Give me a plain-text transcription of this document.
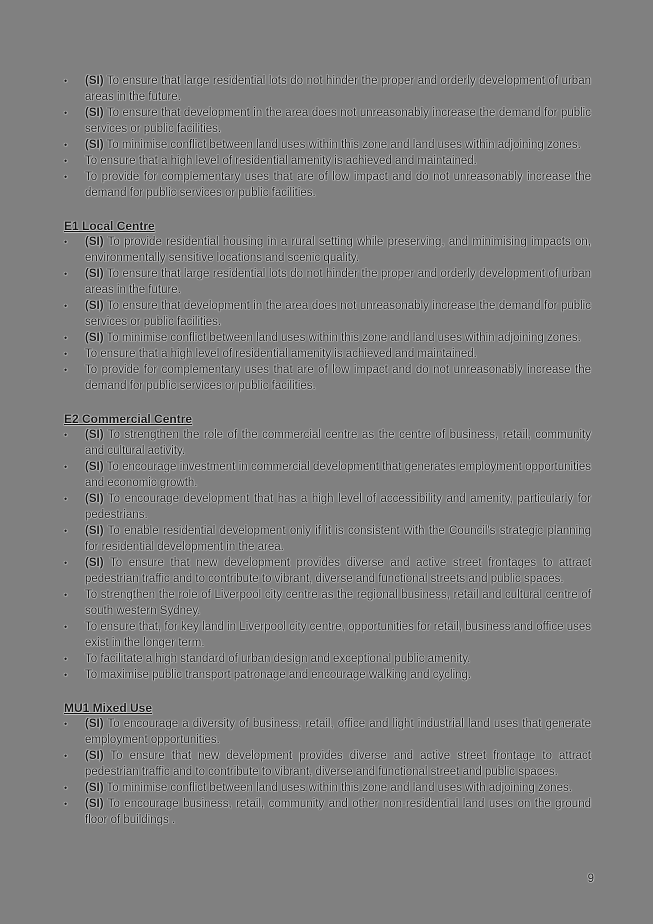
• (SI) To ensure that large residential lots do not hinder the proper and orderly development of urban areas in the future.
• (SI) To ensure that development in the area does not unreasonably increase the demand for public services or public facilities.
• (SI) To minimise conflict between land uses within this zone and land uses within adjoining zones.
• To ensure that a high level of residential amenity is achieved and maintained.
• To provide for complementary uses that are of low impact and do not unreasonably increase the demand for public services or public facilities.
E1 Local Centre
• (SI) To provide residential housing in a rural setting while preserving, and minimising impacts on, environmentally sensitive locations and scenic quality.
• (SI) To ensure that large residential lots do not hinder the proper and orderly development of urban areas in the future.
• (SI) To ensure that development in the area does not unreasonably increase the demand for public services or public facilities.
• (SI) To minimise conflict between land uses within this zone and land uses within adjoining zones.
• To ensure that a high level of residential amenity is achieved and maintained.
• To provide for complementary uses that are of low impact and do not unreasonably increase the demand for public services or public facilities.
E2 Commercial Centre
• (SI) To strengthen the role of the commercial centre as the centre of business, retail, community and cultural activity.
• (SI) To encourage investment in commercial development that generates employment opportunities and economic growth.
• (SI) To encourage development that has a high level of accessibility and amenity, particularly for pedestrians.
• (SI) To enable residential development only if it is consistent with the Council's strategic planning for residential development in the area.
• (SI) To ensure that new development provides diverse and active street frontages to attract pedestrian traffic and to contribute to vibrant, diverse and functional streets and public spaces.
• To strengthen the role of Liverpool city centre as the regional business, retail and cultural centre of south western Sydney.
• To ensure that, for key land in Liverpool city centre, opportunities for retail, business and office uses exist in the longer term.
• To facilitate a high standard of urban design and exceptional public amenity.
• To maximise public transport patronage and encourage walking and cycling.
MU1 Mixed Use
• (SI) To encourage a diversity of business, retail, office and light industrial land uses that generate employment opportunities.
• (SI) To ensure that new development provides diverse and active street frontage to attract pedestrian traffic and to contribute to vibrant, diverse and functional street and public spaces.
• (SI) To minimise conflict between land uses within this zone and land uses with adjoining zones.
• (SI) To encourage business, retail, community and other non-residential land uses on the ground floor of buildings .
9
